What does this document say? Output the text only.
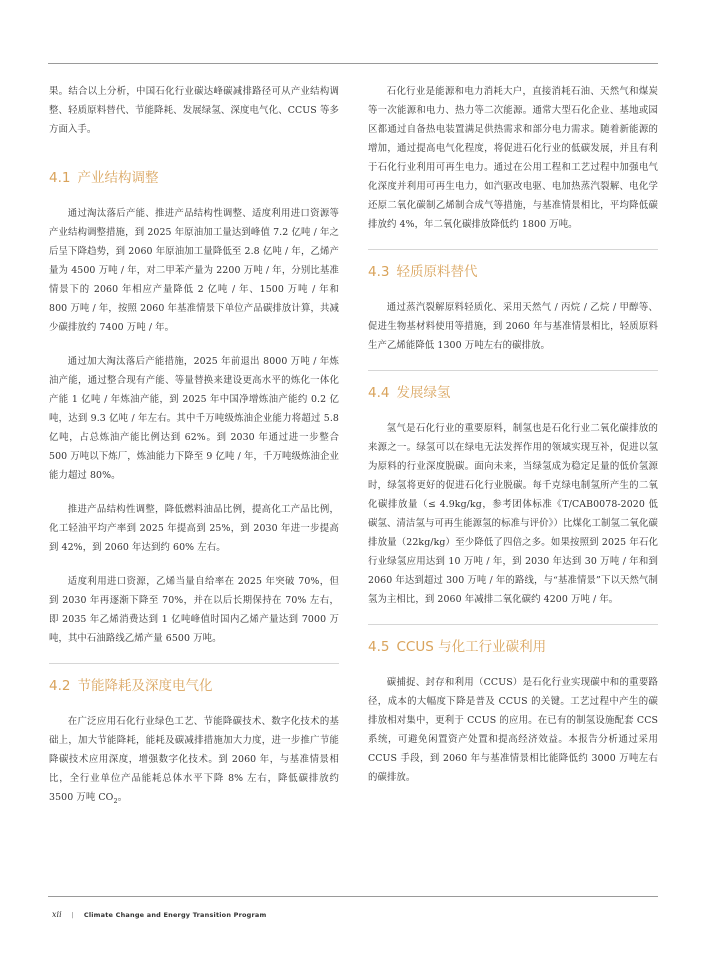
果。结合以上分析，中国石化行业碳达峰碳减排路径可从产业结构调整、轻质原料替代、节能降耗、发展绿氢、深度电气化、CCUS 等多方面入手。

4.1 产业结构调整

通过淘汰落后产能、推进产品结构性调整、适度利用进口资源等产业结构调整措施，到 2025 年原油加工量达到峰值 7.2 亿吨 / 年之后呈下降趋势，到 2060 年原油加工量降低至 2.8 亿吨 / 年，乙烯产量为 4500 万吨 / 年，对二甲苯产量为 2200 万吨 / 年，分别比基准情景下的 2060 年相应产量降低 2 亿吨 / 年、1500 万吨 / 年和 800 万吨 / 年，按照 2060 年基准情景下单位产品碳排放计算，共减少碳排放约 7400 万吨 / 年。

通过加大淘汰落后产能措施，2025 年前退出 8000 万吨 / 年炼油产能，通过整合现有产能、等量替换来建设更高水平的炼化一体化产能 1 亿吨 / 年炼油产能，到 2025 年中国净增炼油产能约 0.2 亿吨，达到 9.3 亿吨 / 年左右。其中千万吨级炼油企业能力将超过 5.8 亿吨，占总炼油产能比例达到 62%。到 2030 年通过进一步整合 500 万吨以下炼厂，炼油能力下降至 9 亿吨 / 年，千万吨级炼油企业能力超过 80%。

推进产品结构性调整，降低燃料油品比例，提高化工产品比例，化工轻油平均产率到 2025 年提高到 25%，到 2030 年进一步提高到 42%，到 2060 年达到约 60% 左右。

适度利用进口资源，乙烯当量自给率在 2025 年突破 70%，但到 2030 年再逐渐下降至 70%，并在以后长期保持在 70% 左右，即 2035 年乙烯消费达到 1 亿吨峰值时国内乙烯产量达到 7000 万吨，其中石油路线乙烯产量 6500 万吨。

4.2 节能降耗及深度电气化

在广泛应用石化行业绿色工艺、节能降碳技术、数字化技术的基础上，加大节能降耗，能耗及碳减排措施加大力度，进一步推广节能降碳技术应用深度，增强数字化技术。到 2060 年，与基准情景相比，全行业单位产品能耗总体水平下降 8% 左右，降低碳排放约 3500 万吨 $CO_2$。

石化行业是能源和电力消耗大户，直接消耗石油、天然气和煤炭等一次能源和电力、热力等二次能源。通常大型石化企业、基地或园区都通过自备热电装置满足供热需求和部分电力需求。随着新能源的增加，通过提高电气化程度，将促进石化行业的低碳发展，并且有利于石化行业利用可再生电力。通过在公用工程和工艺过程中加强电气化深度并利用可再生电力，如汽驱改电驱、电加热蒸汽裂解、电化学还原二氧化碳制乙烯制合成气等措施，与基准情景相比，平均降低碳排放约 4%，年二氧化碳排放降低约 1800 万吨。

4.3 轻质原料替代

通过蒸汽裂解原料轻质化、采用天然气 / 丙烷 / 乙烷 / 甲醇等、促进生物基材料使用等措施，到 2060 年与基准情景相比，轻质原料生产乙烯能降低 1300 万吨左右的碳排放。

4.4 发展绿氢

氢气是石化行业的重要原料，制氢也是石化行业二氧化碳排放的来源之一。绿氢可以在绿电无法发挥作用的领域实现互补，促进以氢为原料的行业深度脱碳。面向未来，当绿氢成为稳定足量的低价氢源时，绿氢将更好的促进石化行业脱碳。每千克绿电制氢所产生的二氧化碳排放量（≤ 4.9kg/kg，参考团体标准《T/CAB0078-2020 低碳氢、清洁氢与可再生能源氢的标准与评价》）比煤化工制氢二氧化碳排放量（22kg/kg）至少降低了四倍之多。如果按照到 2025 年石化行业绿氢应用达到 10 万吨 / 年，到 2030 年达到 30 万吨 / 年和到 2060 年达到超过 300 万吨 / 年的路线，与“基准情景”下以天然气制氢为主相比，到 2060 年减排二氧化碳约 4200 万吨 / 年。

4.5 CCUS 与化工行业碳利用

碳捕捉、封存和利用（CCUS）是石化行业实现碳中和的重要路径，成本的大幅度下降是普及 CCUS 的关键。工艺过程中产生的碳排放相对集中，更利于 CCUS 的应用。在已有的制氢设施配套 CCS 系统，可避免闲置资产处置和提高经济效益。本报告分析通过采用 CCUS 手段，到 2060 年与基准情景相比能降低约 3000 万吨左右的碳排放。

xii | Climate Change and Energy Transition Program
